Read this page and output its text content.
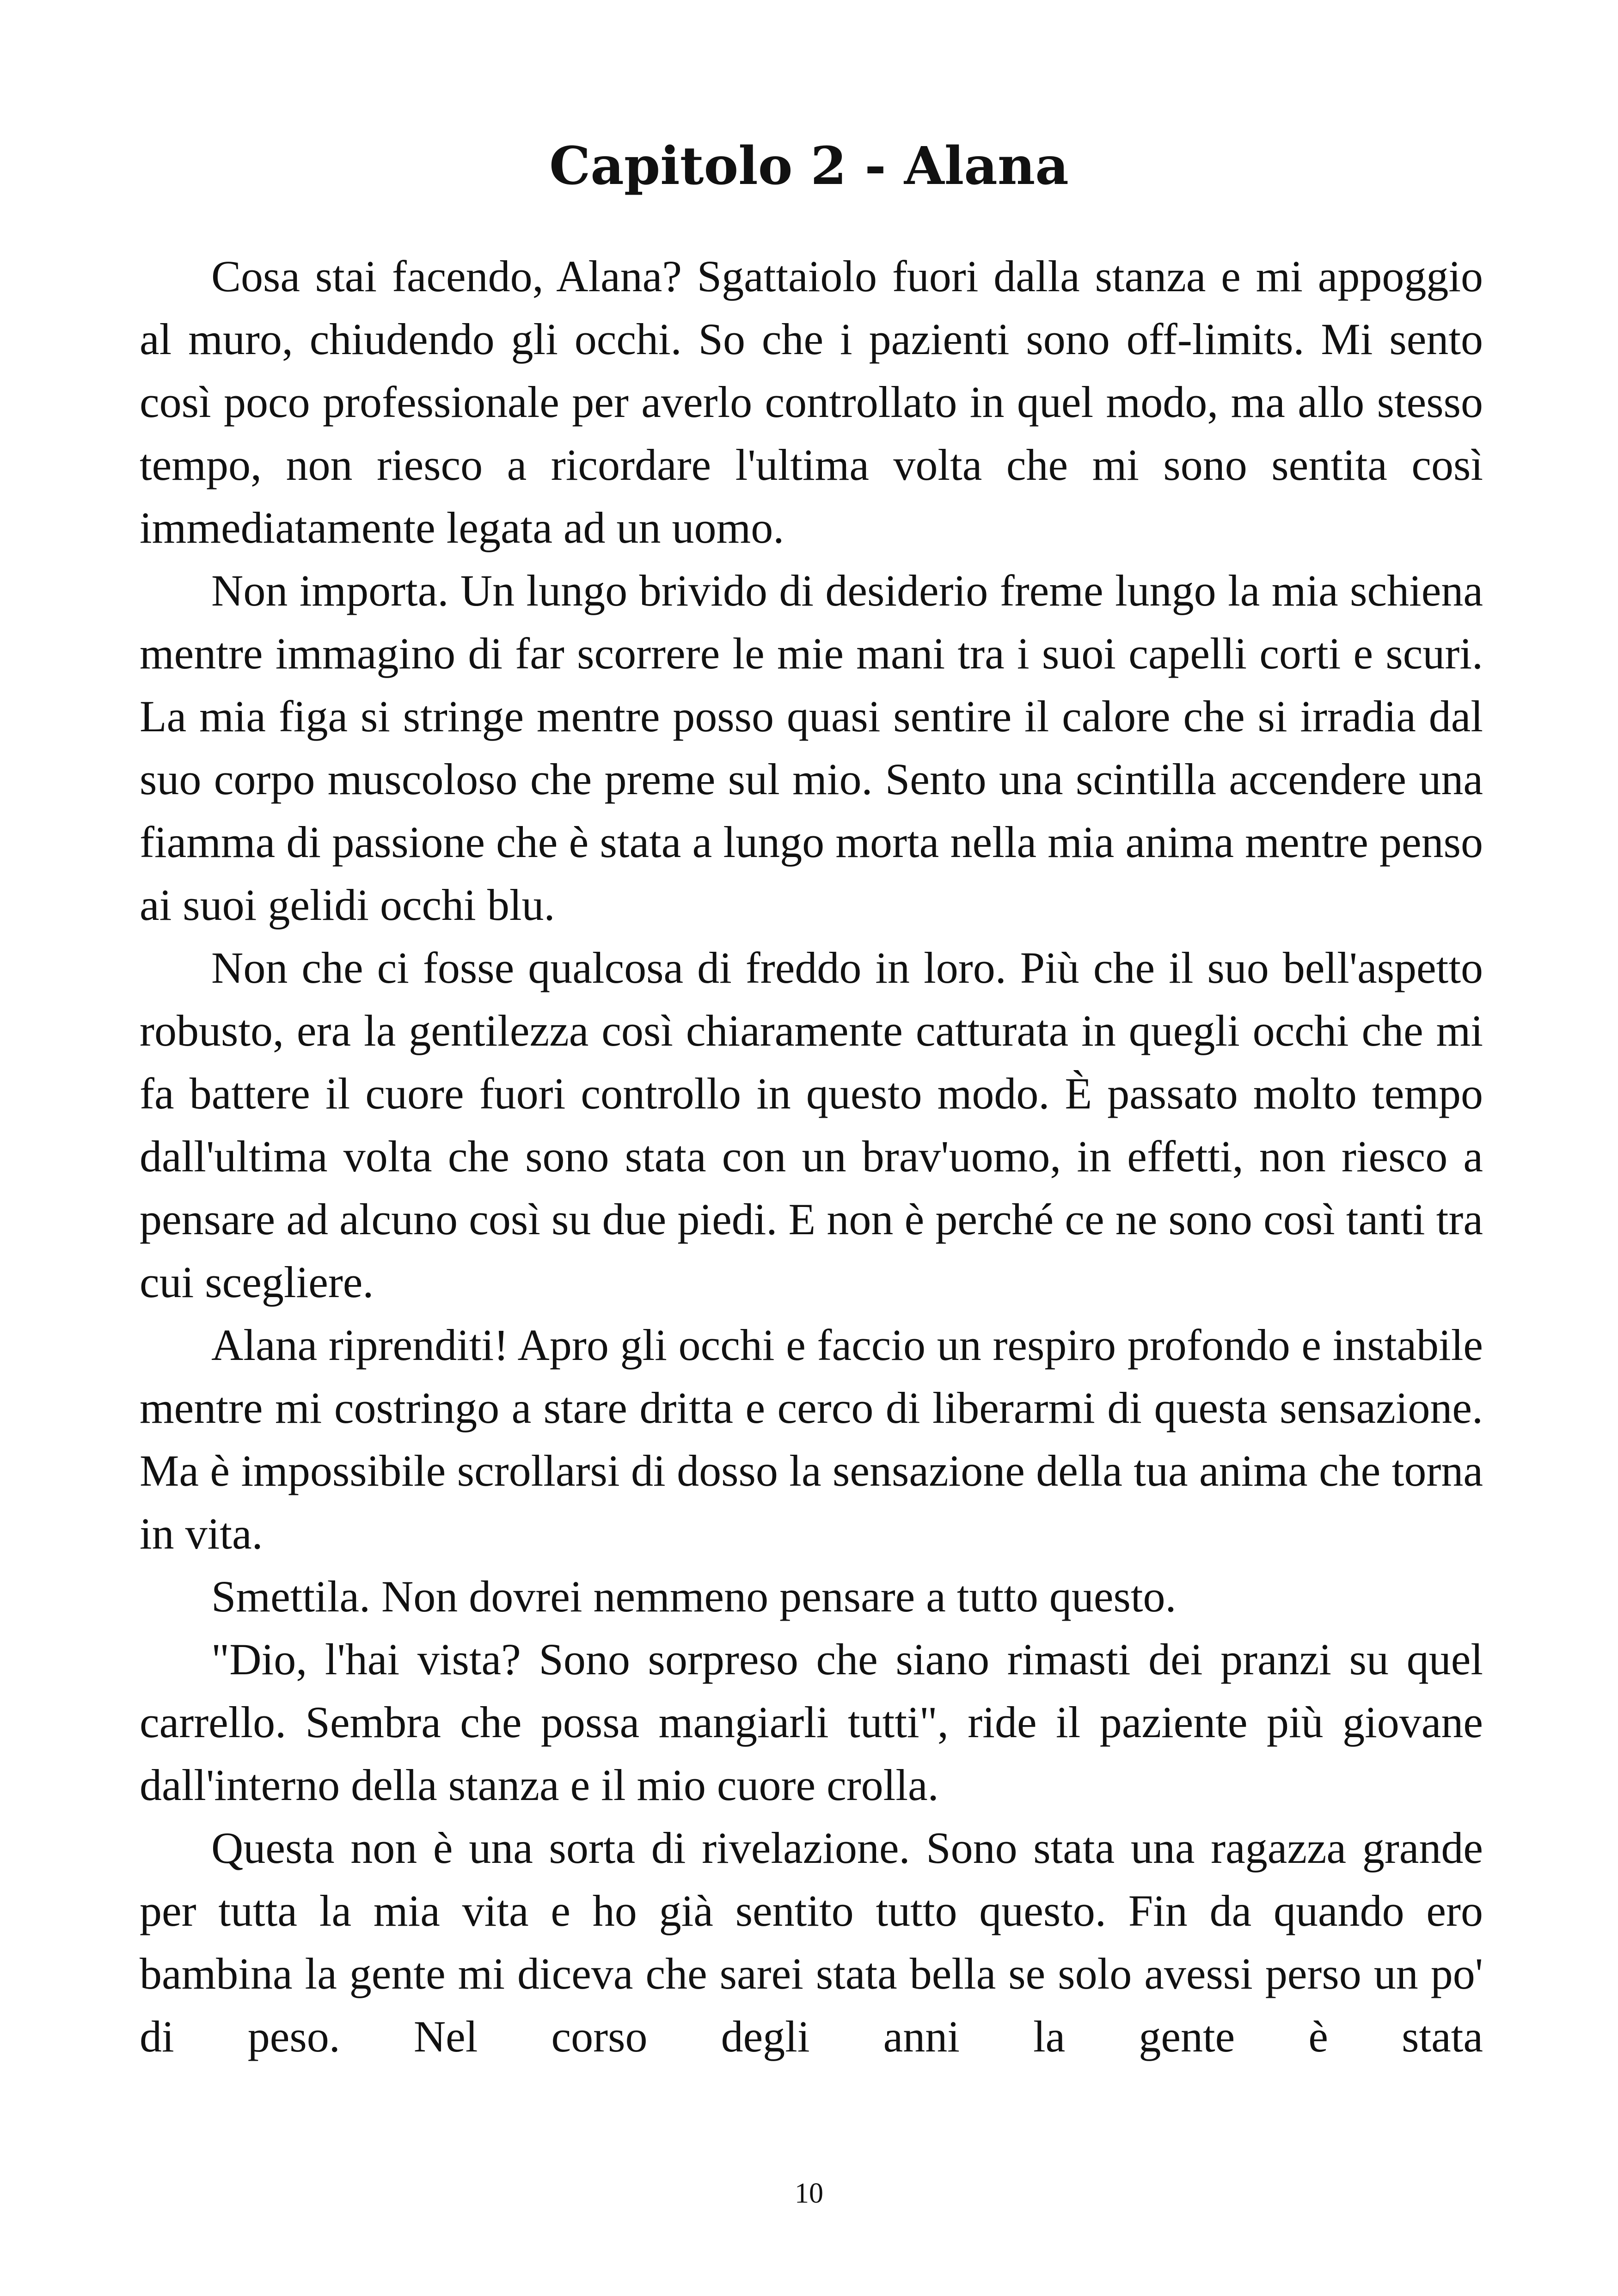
Capitolo 2 - Alana

Cosa stai facendo, Alana? Sgattaiolo fuori dalla stanza e mi appoggio al muro, chiudendo gli occhi. So che i pazienti sono off-limits. Mi sento così poco professionale per averlo controllato in quel modo, ma allo stesso tempo, non riesco a ricordare l'ultima volta che mi sono sentita così immediatamente legata ad un uomo.

Non importa. Un lungo brivido di desiderio freme lungo la mia schiena mentre immagino di far scorrere le mie mani tra i suoi capelli corti e scuri. La mia figa si stringe mentre posso quasi sentire il calore che si irradia dal suo corpo muscoloso che preme sul mio. Sento una scintilla accendere una fiamma di passione che è stata a lungo morta nella mia anima mentre penso ai suoi gelidi occhi blu.

Non che ci fosse qualcosa di freddo in loro. Più che il suo bell'aspetto robusto, era la gentilezza così chiaramente catturata in quegli occhi che mi fa battere il cuore fuori controllo in questo modo. È passato molto tempo dall'ultima volta che sono stata con un brav'uomo, in effetti, non riesco a pensare ad alcuno così su due piedi. E non è perché ce ne sono così tanti tra cui scegliere.

Alana riprenditi! Apro gli occhi e faccio un respiro profondo e instabile mentre mi costringo a stare dritta e cerco di liberarmi di questa sensazione. Ma è impossibile scrollarsi di dosso la sensazione della tua anima che torna in vita.

Smettila. Non dovrei nemmeno pensare a tutto questo.

"Dio, l'hai vista? Sono sorpreso che siano rimasti dei pranzi su quel carrello. Sembra che possa mangiarli tutti", ride il paziente più giovane dall'interno della stanza e il mio cuore crolla.

Questa non è una sorta di rivelazione. Sono stata una ragazza grande per tutta la mia vita e ho già sentito tutto questo. Fin da quando ero bambina la gente mi diceva che sarei stata bella se solo avessi perso un po' di peso. Nel corso degli anni la gente è stata

10
